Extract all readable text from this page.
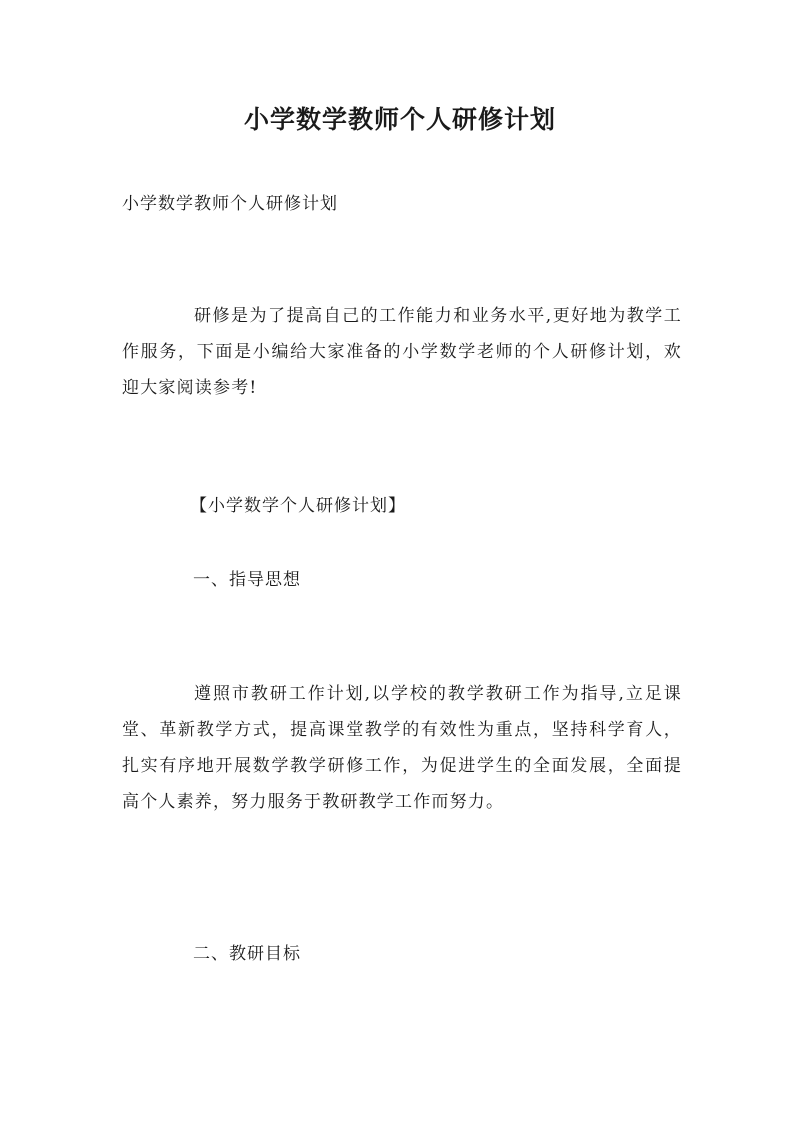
小学数学教师个人研修计划

小学数学教师个人研修计划

研修是为了提高自己的工作能力和业务水平,更好地为教学工作服务，下面是小编给大家准备的小学数学老师的个人研修计划，欢迎大家阅读参考!

【小学数学个人研修计划】

一、指导思想

遵照市教研工作计划,以学校的教学教研工作为指导,立足课堂、革新教学方式，提高课堂教学的有效性为重点，坚持科学育人，扎实有序地开展数学教学研修工作，为促进学生的全面发展，全面提高个人素养，努力服务于教研教学工作而努力。

二、教研目标
